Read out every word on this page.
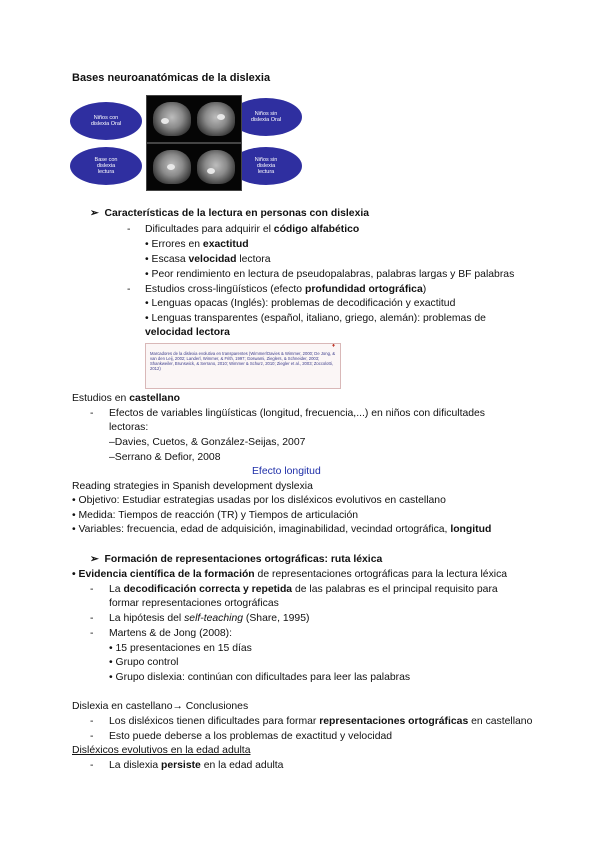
Bases neuroanatómicas de la dislexia
Niños con dislexia Oral
Niños sin dislexia Oral
Base con dislexia lectura
Niños sin dislexia lectura
➢ Características de la lectura en personas con dislexia
- Dificultades para adquirir el código alfabético
• Errores en exactitud
• Escasa velocidad lectora
• Peor rendimiento en lectura de pseudopalabras, palabras largas y BF palabras
- Estudios cross-lingüísticos (efecto profundidad ortográfica)
• Lenguas opacas (Inglés): problemas de decodificación y exactitud
• Lenguas transparentes (español, italiano, griego, alemán): problemas de
velocidad lectora
♦
Marcadores de la dislexia evolutiva en transparentes (Wimmer/Davies & Wimmer, 2000; De Jong, & van den Leij, 2002; Landerl, Wimmer, & Frith, 1997; Goswami, Zieglers, & Schneider, 2003; Shankweiler, Brunswick, & Serrano, 2010; Wimmer & Schurz, 2010; Ziegler et al., 2003; Zoccolotti, 2012)
Estudios en castellano
- Efectos de variables lingüísticas (longitud, frecuencia,...) en niños con dificultades
lectoras:
–Davies, Cuetos, & González-Seijas, 2007
–Serrano & Defior, 2008
Efecto longitud
Reading strategies in Spanish development dyslexia
• Objetivo: Estudiar estrategias usadas por los disléxicos evolutivos en castellano
• Medida: Tiempos de reacción (TR) y Tiempos de articulación
• Variables: frecuencia, edad de adquisición, imaginabilidad, vecindad ortográfica, longitud
➢ Formación de representaciones ortográficas: ruta léxica
• Evidencia científica de la formación de representaciones ortográficas para la lectura léxica
- La decodificación correcta y repetida de las palabras es el principal requisito para
formar representaciones ortográficas
- La hipótesis del self-teaching (Share, 1995)
- Martens & de Jong (2008):
• 15 presentaciones en 15 días
• Grupo control
• Grupo dislexia: continúan con dificultades para leer las palabras
Dislexia en castellano→ Conclusiones
- Los disléxicos tienen dificultades para formar representaciones ortográficas en castellano
- Esto puede deberse a los problemas de exactitud y velocidad
Disléxicos evolutivos en la edad adulta
- La dislexia persiste en la edad adulta
